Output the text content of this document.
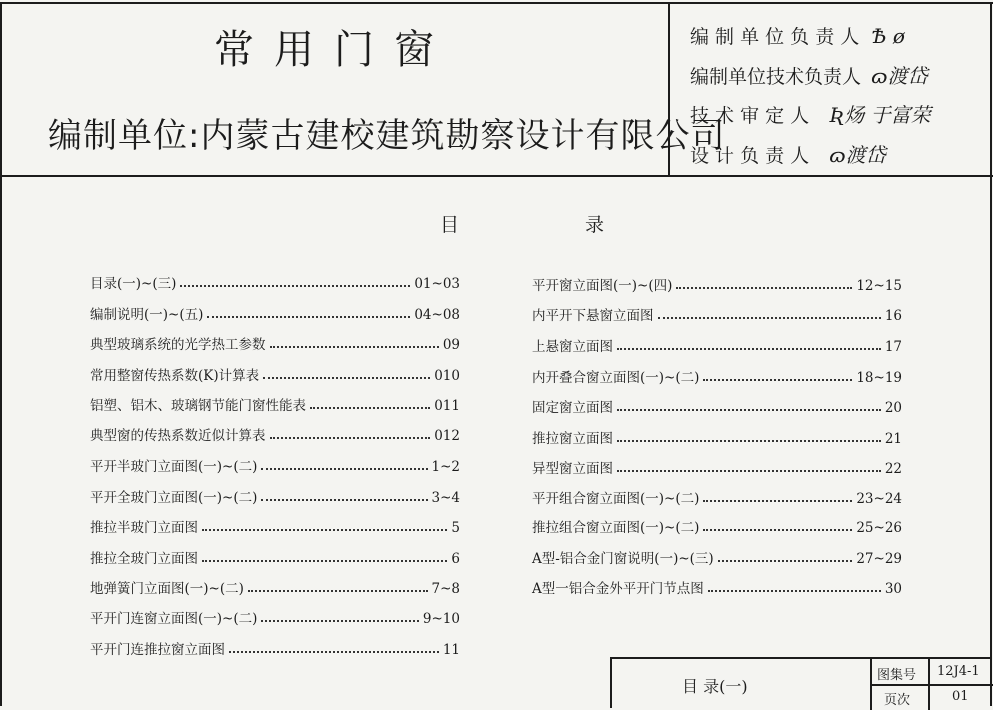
常用门窗
编制单位:内蒙古建校建筑勘察设计有限公司
编 制 单 位 负 责 人 Ѣ ø
编制单位技术负责人 ɷ渡岱
技 术 审 定 人 Ʀ炀 于富荣
设 计 负 责 人 ɷ渡岱
目 录
目录(一)~(三)	01~03
编制说明(一)~(五)	04~08
典型玻璃系统的光学热工参数	09
常用整窗传热系数(K)计算表	010
铝塑、铝木、玻璃钢节能门窗性能表	011
典型窗的传热系数近似计算表	012
平开半玻门立面图(一)~(二)	1~2
平开全玻门立面图(一)~(二)	3~4
推拉半玻门立面图	5
推拉全玻门立面图	6
地弹簧门立面图(一)~(二)	7~8
平开门连窗立面图(一)~(二)	9~10
平开门连推拉窗立面图	11
平开窗立面图(一)~(四)	12~15
内平开下悬窗立面图	16
上悬窗立面图	17
内开叠合窗立面图(一)~(二)	18~19
固定窗立面图	20
推拉窗立面图	21
异型窗立面图	22
平开组合窗立面图(一)~(二)	23~24
推拉组合窗立面图(一)~(二)	25~26
A型-铝合金门窗说明(一)~(三)	27~29
A型一铝合金外平开门节点图	30
目 录(一)
图集号 12J4-1
页次	01
